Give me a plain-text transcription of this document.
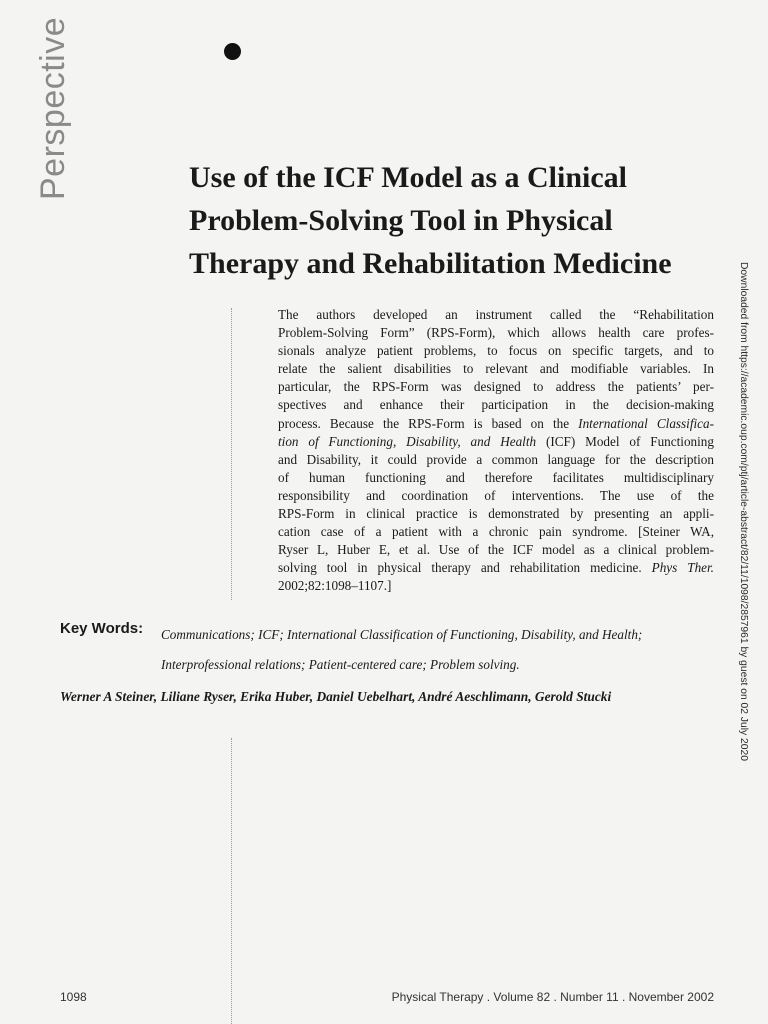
Perspective	Use of the ICF Model as a Clinical
Problem-Solving Tool in Physical
Therapy and Rehabilitation Medicine
The authors developed an instrument called the “Rehabilitation
Problem-Solving Form” (RPS-Form), which allows health care profes-
sionals analyze patient problems, to focus on specific targets, and to
relate the salient disabilities to relevant and modifiable variables. In
particular, the RPS-Form was designed to address the patients’ per-
spectives and enhance their participation in the decision-making
process. Because the RPS-Form is based on the International Classifica-
tion of Functioning, Disability, and Health (ICF) Model of Functioning
and Disability, it could provide a common language for the description
of human functioning and therefore facilitates multidisciplinary
responsibility and coordination of interventions. The use of the
RPS-Form in clinical practice is demonstrated by presenting an appli-
cation case of a patient with a chronic pain syndrome. [Steiner WA,
Ryser L, Huber E, et al. Use of the ICF model as a clinical problem-
solving tool in physical therapy and rehabilitation medicine. Phys Ther.
2002;82:1098–1107.]
Key Words: Communications; ICF; International Classification of Functioning, Disability, and Health;
Interprofessional relations; Patient-centered care; Problem solving.
Werner A Steiner, Liliane Ryser, Erika Huber, Daniel Uebelhart, André Aeschlimann, Gerold Stucki	Downloaded from https://academic.oup.com/ptj/article-abstract/82/11/1098/2857961 by guest on 02 July 2020
1098	Physical Therapy . Volume 82 . Number 11 . November 2002
